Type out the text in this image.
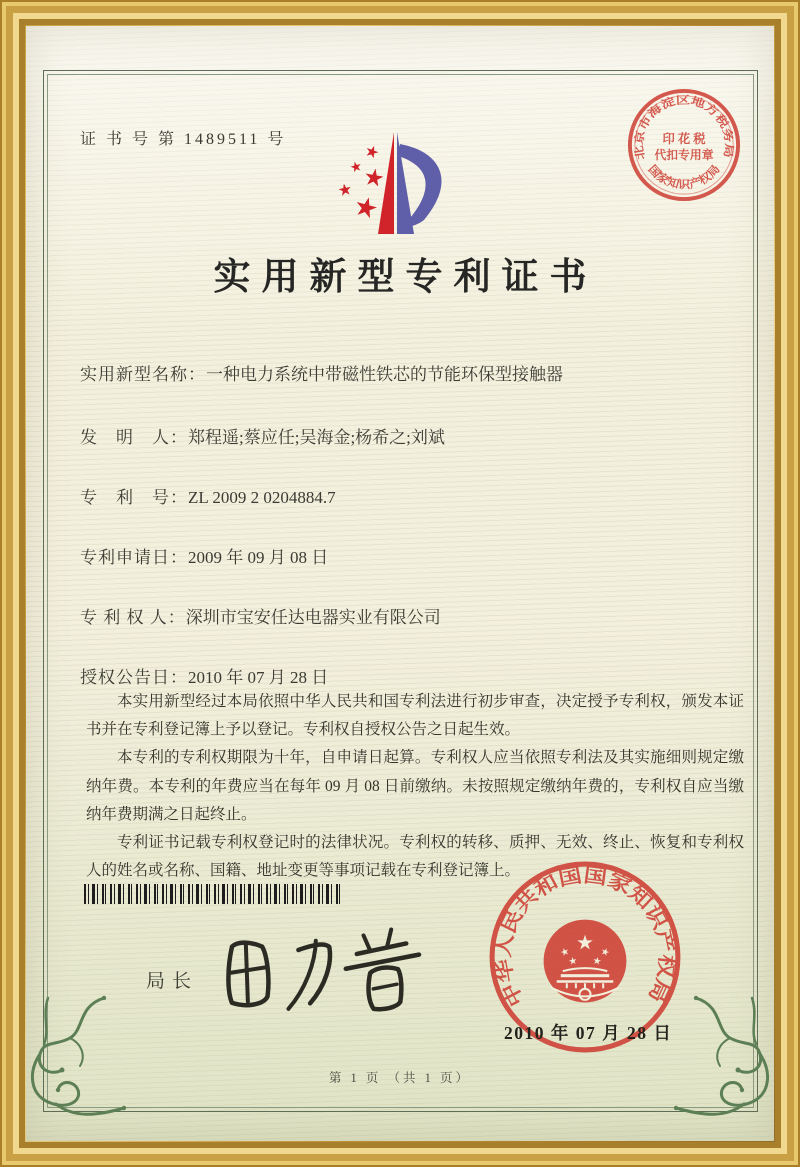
证 书 号 第 1489511 号
北京市海淀区地方税务局
国家知识产权局
印 花 税
代扣专用章
实用新型专利证书
实用新型名称：一种电力系统中带磁性铁芯的节能环保型接触器
发　明　人：郑程遥;蔡应任;吴海金;杨希之;刘斌
专　利　号：ZL 2009 2 0204884.7
专利申请日：2009 年 09 月 08 日
专 利 权 人：深圳市宝安任达电器实业有限公司
授权公告日：2010 年 07 月 28 日

本实用新型经过本局依照中华人民共和国专利法进行初步审查，决定授予专利权，颁发本证书并在专利登记簿上予以登记。专利权自授权公告之日起生效。

本专利的专利权期限为十年，自申请日起算。专利权人应当依照专利法及其实施细则规定缴纳年费。本专利的年费应当在每年 09 月 08 日前缴纳。未按照规定缴纳年费的，专利权自应当缴纳年费期满之日起终止。

专利证书记载专利权登记时的法律状况。专利权的转移、质押、无效、终止、恢复和专利权人的姓名或名称、国籍、地址变更等事项记载在专利登记簿上。

局长
中华人民共和国国家知识产权局
2010 年 07 月 28 日
第 1 页 （共 1 页）
